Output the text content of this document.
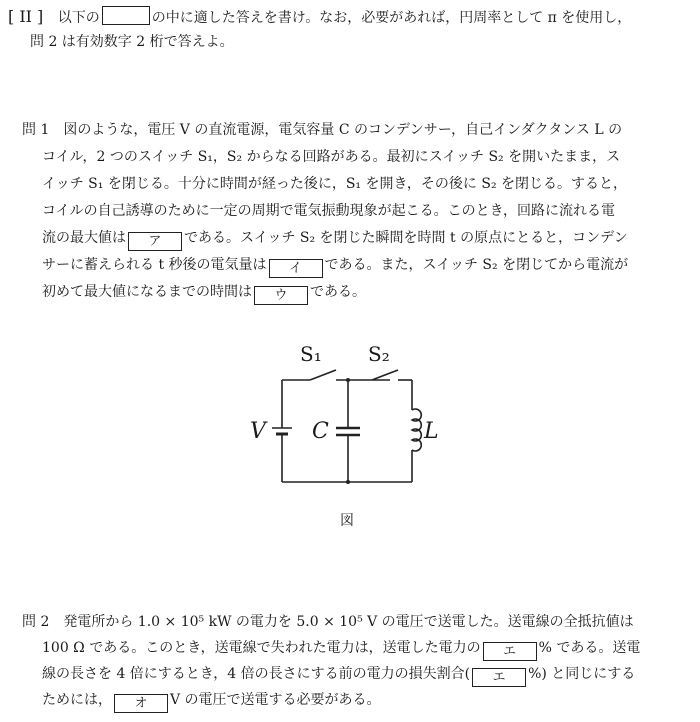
[ II ] 以下の	の中に適した答えを書け。なお，必要があれば，円周率として π を使用し，
問 2 は有効数字 2 桁で答えよ。
問 1　図のような，電圧 V の直流電源，電気容量 C のコンデンサー，自己インダクタンス L の
コイル，2 つのスイッチ S₁，S₂ からなる回路がある。最初にスイッチ S₂ を開いたまま，ス
イッチ S₁ を閉じる。十分に時間が経った後に，S₁ を開き，その後に S₂ を閉じる。すると，
コイルの自己誘導のために一定の周期で電気振動現象が起こる。このとき，回路に流れる電
流の最大値は ア である。スイッチ S₂ を閉じた瞬間を時間 t の原点にとると，コンデン
サーに蓄えられる t 秒後の電気量は イ である。また，スイッチ S₂ を閉じてから電流が
初めて最大値になるまでの時間は ウ である。
S₁ S₂
V C	L
図
問 2　発電所から 1.0 × 10⁵ kW の電力を 5.0 × 10⁵ V の電圧で送電した。送電線の全抵抗値は
100 Ω である。このとき，送電線で失われた電力は，送電した電力の エ % である。送電
線の長さを 4 倍にするとき，4 倍の長さにする前の電力の損失割合( エ %) と同じにする
ためには， オ V の電圧で送電する必要がある。
